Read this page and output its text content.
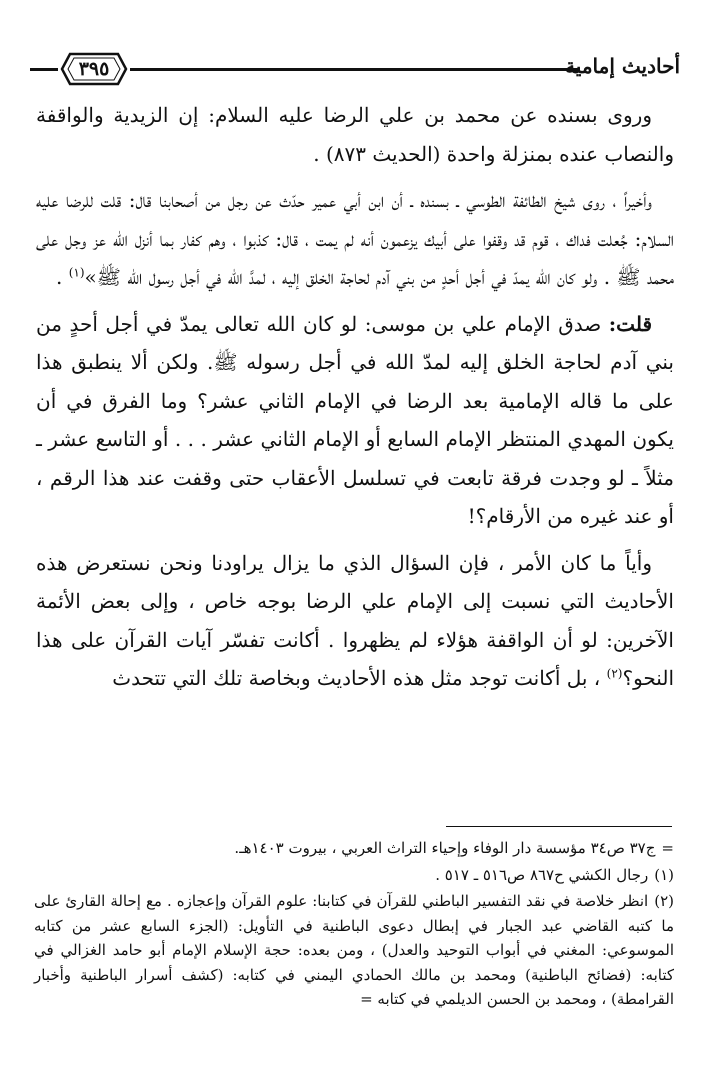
٣٩٥	أحاديث إمامية

وروى بسنده عن محمد بن علي الرضا عليه السلام: إن الزيدية والواقفة والنصاب عنده بمنزلة واحدة (الحديث ٨٧٣) .

وأخيراً ، روى شيخ الطائفة الطوسي ـ بسنده ـ أن ابن أبي عمير حدّث عن رجل من أصحابنا قال: قلت للرضا عليه السلام: جُعلت فداك ، قوم قد وقفوا على أبيك يزعمون أنه لم يمت ، قال: كذبوا ، وهم كفار بما أنزل الله عز وجل على محمد ﷺ . ولو كان الله يمدّ في أجل أحدٍ من بني آدم لحاجة الخلق إليه ، لمدَّ الله في أجل رسول الله ﷺ»$^{(١)}$ .

قلت: صدق الإمام علي بن موسى: لو كان الله تعالى يمدّ في أجل أحدٍ من بني آدم لحاجة الخلق إليه لمدّ الله في أجل رسوله ﷺ. ولكن ألا ينطبق هذا على ما قاله الإمامية بعد الرضا في الإمام الثاني عشر؟ وما الفرق في أن يكون المهدي المنتظر الإمام السابع أو الإمام الثاني عشر . . . أو التاسع عشر ـ مثلاً ـ لو وجدت فرقة تابعت في تسلسل الأعقاب حتى وقفت عند هذا الرقم ، أو عند غيره من الأرقام؟!

وأياً ما كان الأمر ، فإن السؤال الذي ما يزال يراودنا ونحن نستعرض هذه الأحاديث التي نسبت إلى الإمام علي الرضا بوجه خاص ، وإلى بعض الأئمة الآخرين: لو أن الواقفة هؤلاء لم يظهروا . أكانت تفسّر آيات القرآن على هذا النحو؟$^{(٢)}$ ، بل أكانت توجد مثل هذه الأحاديث وبخاصة تلك التي تتحدث

=ج٣٧ ص٣٤ مؤسسة دار الوفاء وإحياء التراث العربي ، بيروت ١٤٠٣هـ.

(١)رجال الكشي ح٨٦٧ ص٥١٦ ـ ٥١٧ .

(٢)انظر خلاصة في نقد التفسير الباطني للقرآن في كتابنا: علوم القرآن وإعجازه . مع إحالة القارئ على ما كتبه القاضي عبد الجبار في إبطال دعوى الباطنية في التأويل: (الجزء السابع عشر من كتابه الموسوعي: المغني في أبواب التوحيد والعدل) ، ومن بعده: حجة الإسلام الإمام أبو حامد الغزالي في كتابه: (فضائح الباطنية) ومحمد بن مالك الحمادي اليمني في كتابه: (كشف أسرار الباطنية وأخبار القرامطة) ، ومحمد بن الحسن الديلمي في كتابه =
